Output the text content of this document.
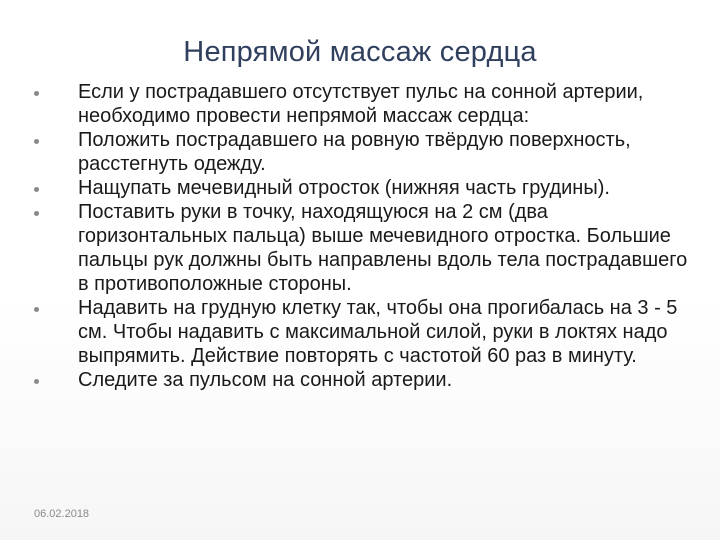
Непрямой массаж сердца
Если у пострадавшего отсутствует пульс на сонной артерии, необходимо провести непрямой массаж сердца:
Положить пострадавшего на ровную твёрдую поверхность, расстегнуть одежду.
Нащупать мечевидный отросток (нижняя часть грудины).
Поставить руки в точку, находящуюся на 2 см (два горизонтальных пальца) выше мечевидного отростка. Большие пальцы рук должны быть направлены вдоль тела пострадавшего в противоположные стороны.
Надавить на грудную клетку так, чтобы она прогибалась на 3 - 5 см. Чтобы надавить с максимальной силой, руки в локтях надо выпрямить. Действие повторять с частотой 60 раз в минуту.
Следите за пульсом на сонной артерии.
06.02.2018
